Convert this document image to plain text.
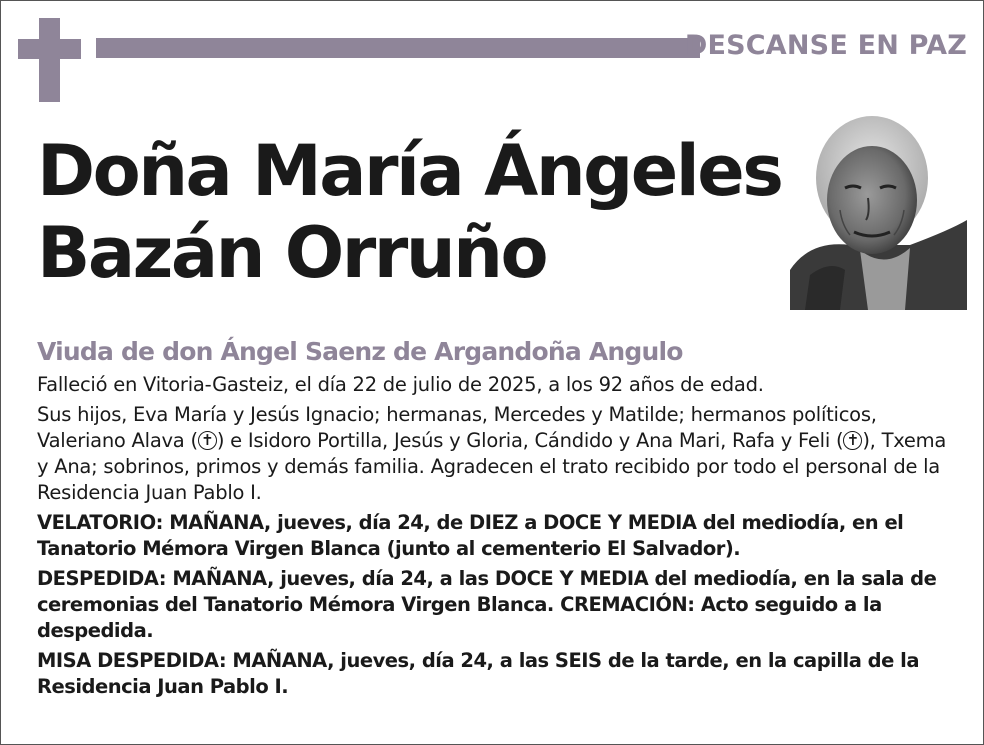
DESCANSE EN PAZ
Doña María Ángeles
Bazán Orruño
Viuda de don Ángel Saenz de Argandoña Angulo

Falleció en Vitoria-Gasteiz, el día 22 de julio de 2025, a los 92 años de edad.

Sus hijos, Eva María y Jesús Ignacio; hermanas, Mercedes y Matilde; hermanos políticos, Valeriano Alava ( ✝ ) e Isidoro Portilla, Jesús y Gloria, Cándido y Ana Mari, Rafa y Feli ( ✝ ), Txema y Ana; sobrinos, primos y demás familia. Agradecen el trato recibido por todo el personal de la Residencia Juan Pablo I.

VELATORIO: MAÑANA, jueves, día 24, de DIEZ a DOCE Y MEDIA del mediodía, en el Tanatorio Mémora Virgen Blanca (junto al cementerio El Salvador).

DESPEDIDA: MAÑANA, jueves, día 24, a las DOCE Y MEDIA del mediodía, en la sala de ceremonias del Tanatorio Mémora Virgen Blanca. CREMACIÓN: Acto seguido a la despedida.

MISA DESPEDIDA: MAÑANA, jueves, día 24, a las SEIS de la tarde, en la capilla de la Residencia Juan Pablo I.
